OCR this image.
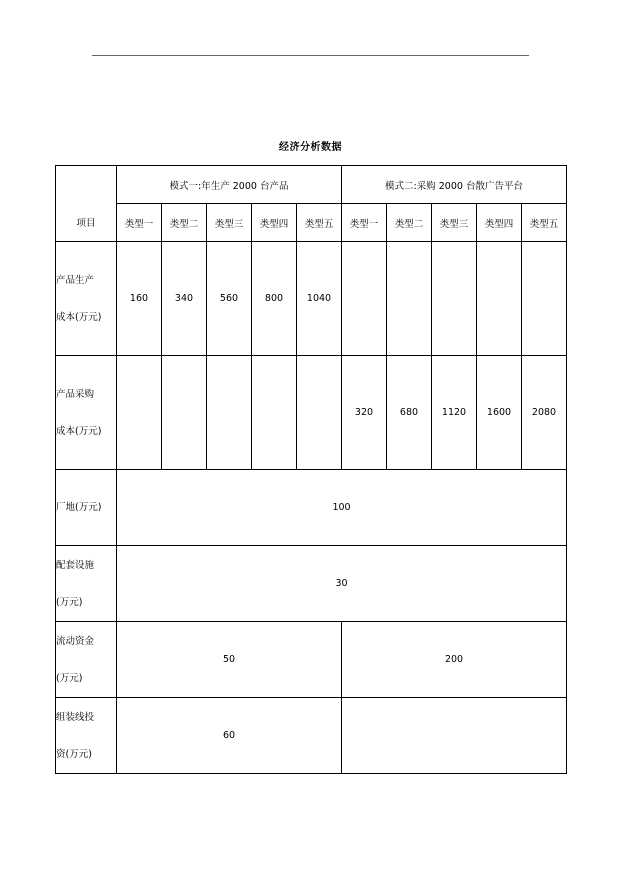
经济分析数据
项目	模式一:年生产 2000 台产品					模式二:采购 2000 台散广告平台				
	类型一	类型二	类型三	类型四	类型五	类型一	类型二	类型三	类型四	类型五

产品生产
成本(万元)	160	340	560	800	1040					

产品采购
成本(万元)						320	680	1120	1600	2080

厂地(万元)	100									

配套设施
(万元)	30									

流动资金
(万元)	50					200				

组装线投
资(万元)	60									
